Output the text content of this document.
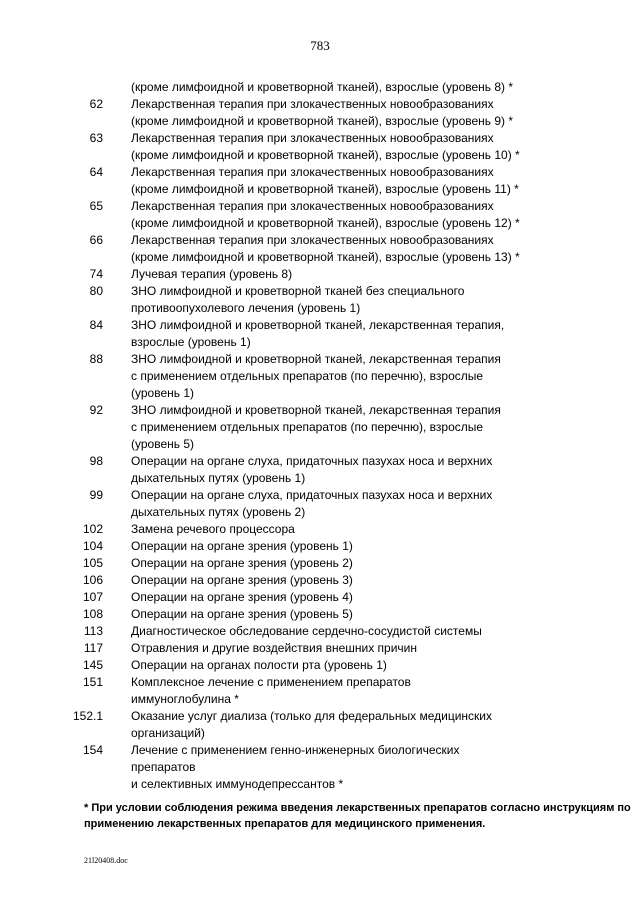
783
(кроме лимфоидной и кроветворной тканей), взрослые (уровень 8) *
62 Лекарственная терапия при злокачественных новообразованиях
(кроме лимфоидной и кроветворной тканей), взрослые (уровень 9) *
63 Лекарственная терапия при злокачественных новообразованиях
(кроме лимфоидной и кроветворной тканей), взрослые (уровень 10) *
64 Лекарственная терапия при злокачественных новообразованиях
(кроме лимфоидной и кроветворной тканей), взрослые (уровень 11) *
65 Лекарственная терапия при злокачественных новообразованиях
(кроме лимфоидной и кроветворной тканей), взрослые (уровень 12) *
66 Лекарственная терапия при злокачественных новообразованиях
(кроме лимфоидной и кроветворной тканей), взрослые (уровень 13) *
74 Лучевая терапия (уровень 8)
80 ЗНО лимфоидной и кроветворной тканей без специального
противоопухолевого лечения (уровень 1)
84 ЗНО лимфоидной и кроветворной тканей, лекарственная терапия,
взрослые (уровень 1)
88 ЗНО лимфоидной и кроветворной тканей, лекарственная терапия
с применением отдельных препаратов (по перечню), взрослые
(уровень 1)
92 ЗНО лимфоидной и кроветворной тканей, лекарственная терапия
с применением отдельных препаратов (по перечню), взрослые
(уровень 5)
98 Операции на органе слуха, придаточных пазухах носа и верхних
дыхательных путях (уровень 1)
99 Операции на органе слуха, придаточных пазухах носа и верхних
дыхательных путях (уровень 2)
102 Замена речевого процессора
104 Операции на органе зрения (уровень 1)
105 Операции на органе зрения (уровень 2)
106 Операции на органе зрения (уровень 3)
107 Операции на органе зрения (уровень 4)
108 Операции на органе зрения (уровень 5)
113 Диагностическое обследование сердечно-сосудистой системы
117 Отравления и другие воздействия внешних причин
145 Операции на органах полости рта (уровень 1)
151 Комплексное лечение с применением препаратов
иммуноглобулина *
152.1 Оказание услуг диализа (только для федеральных медицинских
организаций)
154 Лечение с применением генно-инженерных биологических
препаратов
и селективных иммунодепрессантов *
* При условии соблюдения режима введения лекарственных препаратов согласно инструкциям по
применению лекарственных препаратов для медицинского применения.
21l20408.doc
